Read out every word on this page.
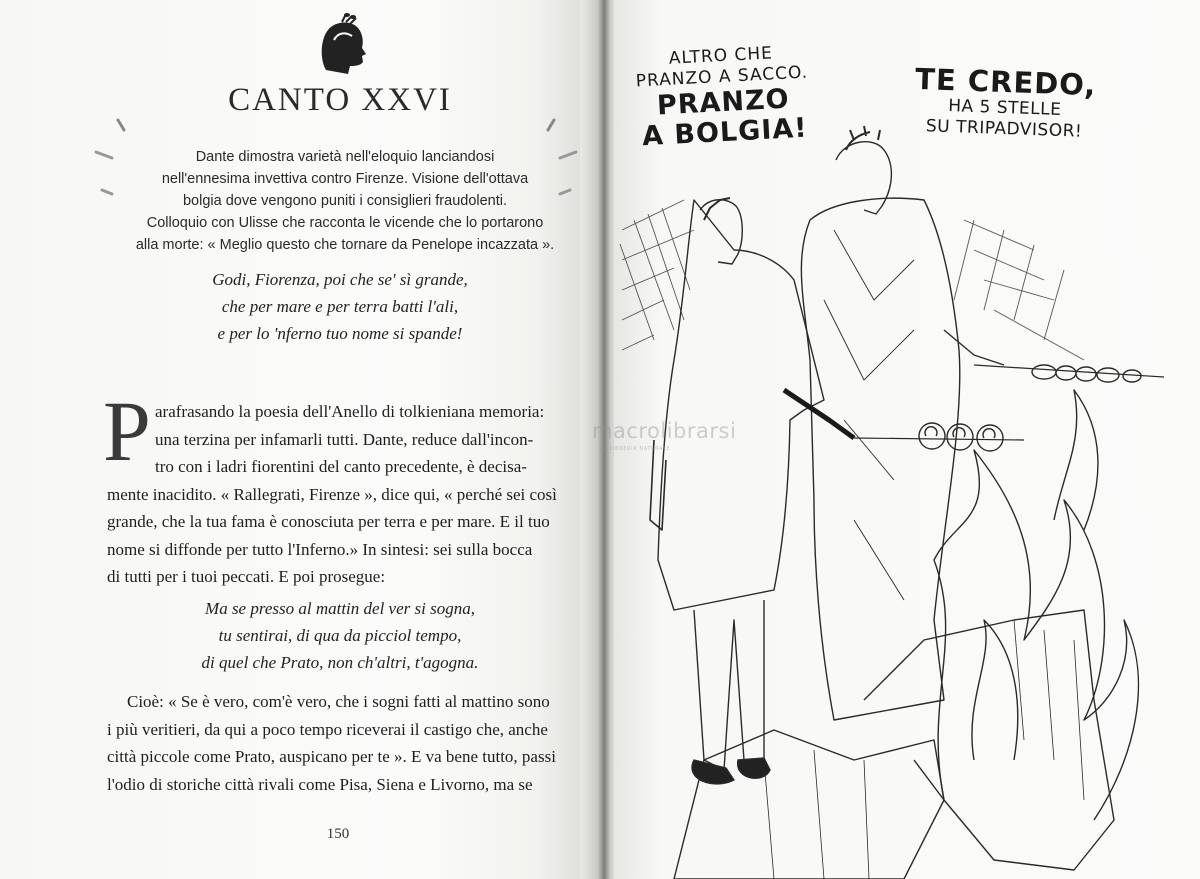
CANTO XXVI
Dante dimostra varietà nell'eloquio lanciandosi
nell'ennesima invettiva contro Firenze. Visione dell'ottava
bolgia dove vengono puniti i consiglieri fraudolenti.
Colloquio con Ulisse che racconta le vicende che lo portarono
alla morte: « Meglio questo che tornare da Penelope incazzata ».
Godi, Fiorenza, poi che se' sì grande,
che per mare e per terra batti l'ali,
e per lo 'nferno tuo nome si spande!
P arafrasando la poesia dell'Anello di tolkieniana memoria:
una terzina per infamarli tutti. Dante, reduce dall'incon-
tro con i ladri fiorentini del canto precedente, è decisa-
mente inacidito. « Rallegrati, Firenze », dice qui, « perché sei così
grande, che la tua fama è conosciuta per terra e per mare. E il tuo
nome si diffonde per tutto l'Inferno.» In sintesi: sei sulla bocca
di tutti per i tuoi peccati. E poi prosegue:
Ma se presso al mattin del ver si sogna,
tu sentirai, di qua da picciol tempo,
di quel che Prato, non ch'altri, t'agogna.
Cioè: « Se è vero, com'è vero, che i sogni fatti al mattino sono
i più veritieri, da qui a poco tempo riceverai il castigo che, anche
città piccole come Prato, auspicano per te ». E va bene tutto, passi
l'odio di storiche città rivali come Pisa, Siena e Livorno, ma se
150
ALTRO CHE
PRANZO A SACCO.
PRANZO
A BOLGIA!
TE CREDO,
HA 5 STELLE
SU TRIPADVISOR!
macrolibrarsi
LA LIBRERIA NATURALE
